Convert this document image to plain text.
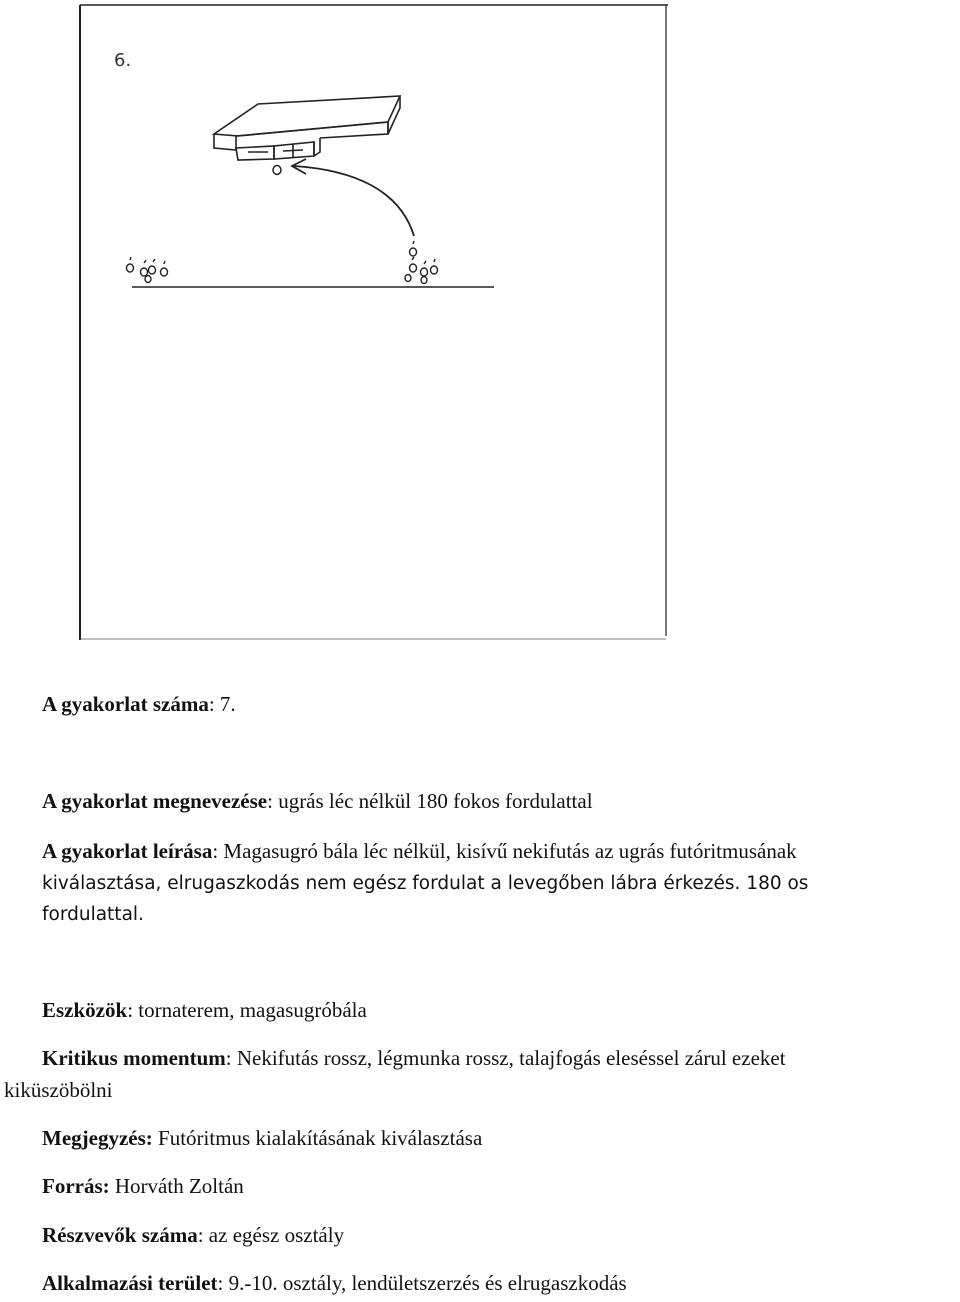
6.

A gyakorlat száma: 7.

A gyakorlat megnevezése: ugrás léc nélkül 180 fokos fordulattal

A gyakorlat leírása: Magasugró bála léc nélkül, kisívű nekifutás az ugrás futóritmusának

kiválasztása, elrugaszkodás nem egész fordulat a levegőben lábra érkezés. 180 os

fordulattal.

Eszközök: tornaterem, magasugróbála

Kritikus momentum: Nekifutás rossz, légmunka rossz, talajfogás eleséssel zárul ezeket

kiküszöbölni

Megjegyzés: Futóritmus kialakításának kiválasztása

Forrás: Horváth Zoltán

Részvevők száma: az egész osztály

Alkalmazási terület: 9.-10. osztály, lendületszerzés és elrugaszkodás
